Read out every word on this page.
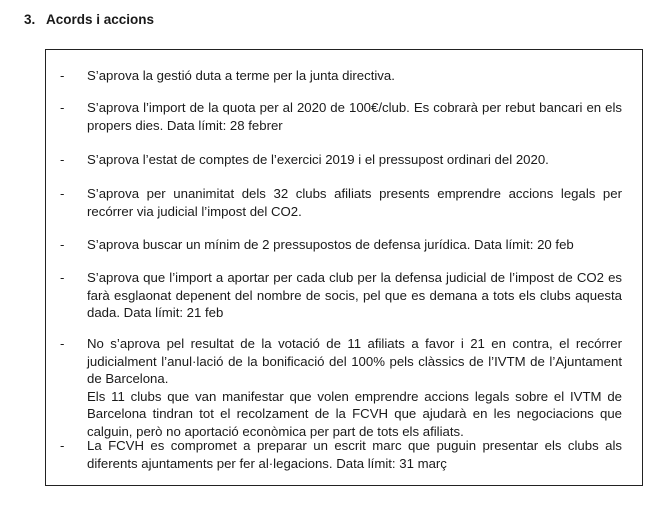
3. Acords i accions
-	S’aprova la gestió duta a terme per la junta directiva.

-	S’aprova l’import de la quota per al 2020 de 100€/club. Es cobrarà per rebut bancari en els propers dies. Data límit: 28 febrer

-	S’aprova l’estat de comptes de l’exercici 2019 i el pressupost ordinari del 2020.

-	S’aprova per unanimitat dels 32 clubs afiliats presents emprendre accions legals per recórrer via judicial l’impost del CO2.

-	S’aprova buscar un mínim de 2 pressupostos de defensa jurídica. Data límit: 20 feb

-	S’aprova que l’import a aportar per cada club per la defensa judicial de l’impost de CO2 es farà esglaonat depenent del nombre de socis, pel que es demana a tots els clubs aquesta dada. Data límit: 21 feb

-	No s’aprova pel resultat de la votació de 11 afiliats a favor i 21 en contra, el recórrer judicialment l’anul·lació de la bonificació del 100% pels clàssics de l’IVTM de l’Ajuntament de Barcelona.

Els 11 clubs que van manifestar que volen emprendre accions legals sobre el IVTM de Barcelona tindran tot el recolzament de la FCVH que ajudarà en les negociacions que calguin, però no aportació econòmica per part de tots els afiliats.

-	La FCVH es compromet a preparar un escrit marc que puguin presentar els clubs als diferents ajuntaments per fer al·legacions. Data límit: 31 març
